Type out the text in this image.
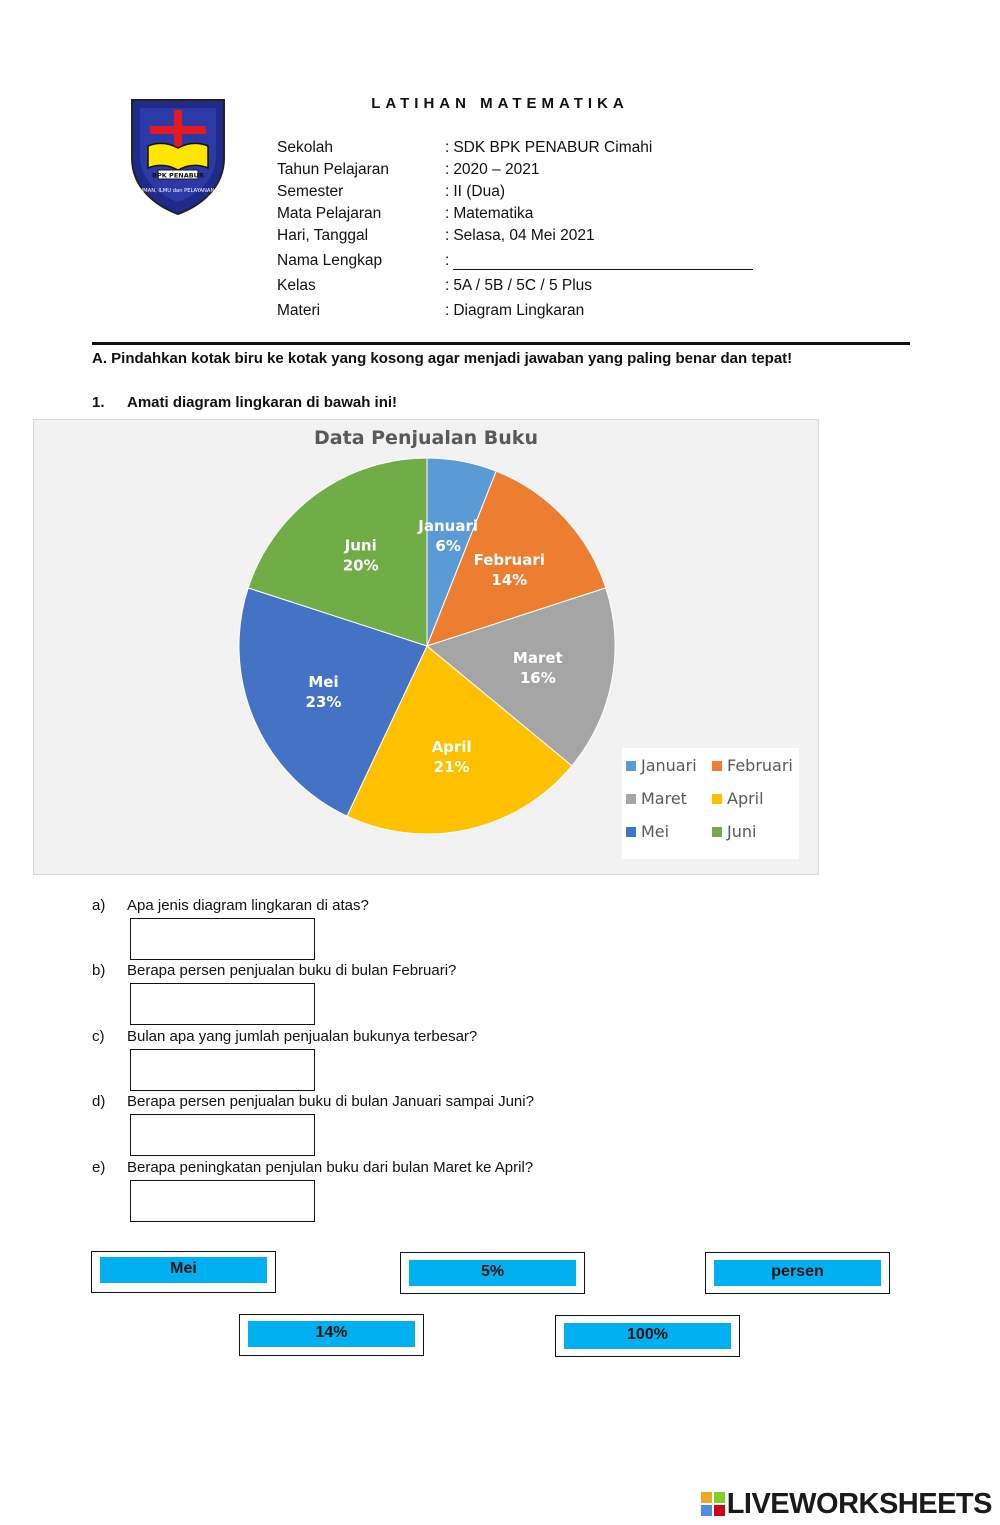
BPK PENABUR
IMAN, ILMU dan PELAYANAN
LATIHAN MATEMATIKA
Sekolah	: SDK BPK PENABUR Cimahi
Tahun Pelajaran	: 2020 – 2021
Semester	: II (Dua)
Mata Pelajaran	: Matematika
Hari, Tanggal	: Selasa, 04 Mei 2021
Nama Lengkap	:
Kelas	: 5A / 5B / 5C / 5 Plus
Materi	: Diagram Lingkaran
A. Pindahkan kotak biru ke kotak yang kosong agar menjadi jawaban yang paling benar dan tepat!
1. Amati diagram lingkaran di bawah ini!
Data Penjualan Buku
Januari 6%
Februari 14%
Maret 16%
April 21%
Mei 23%
Juni 20%
Januari Februari
Maret	April
Mei	Juni
a) Apa jenis diagram lingkaran di atas?
b) Berapa persen penjualan buku di bulan Februari?
c) Bulan apa yang jumlah penjualan bukunya terbesar?
d) Berapa persen penjualan buku di bulan Januari sampai Juni?
e) Berapa peningkatan penjulan buku dari bulan Maret ke April?
Mei	5%	persen
14%	100%
LIVEWORKSHEETS
